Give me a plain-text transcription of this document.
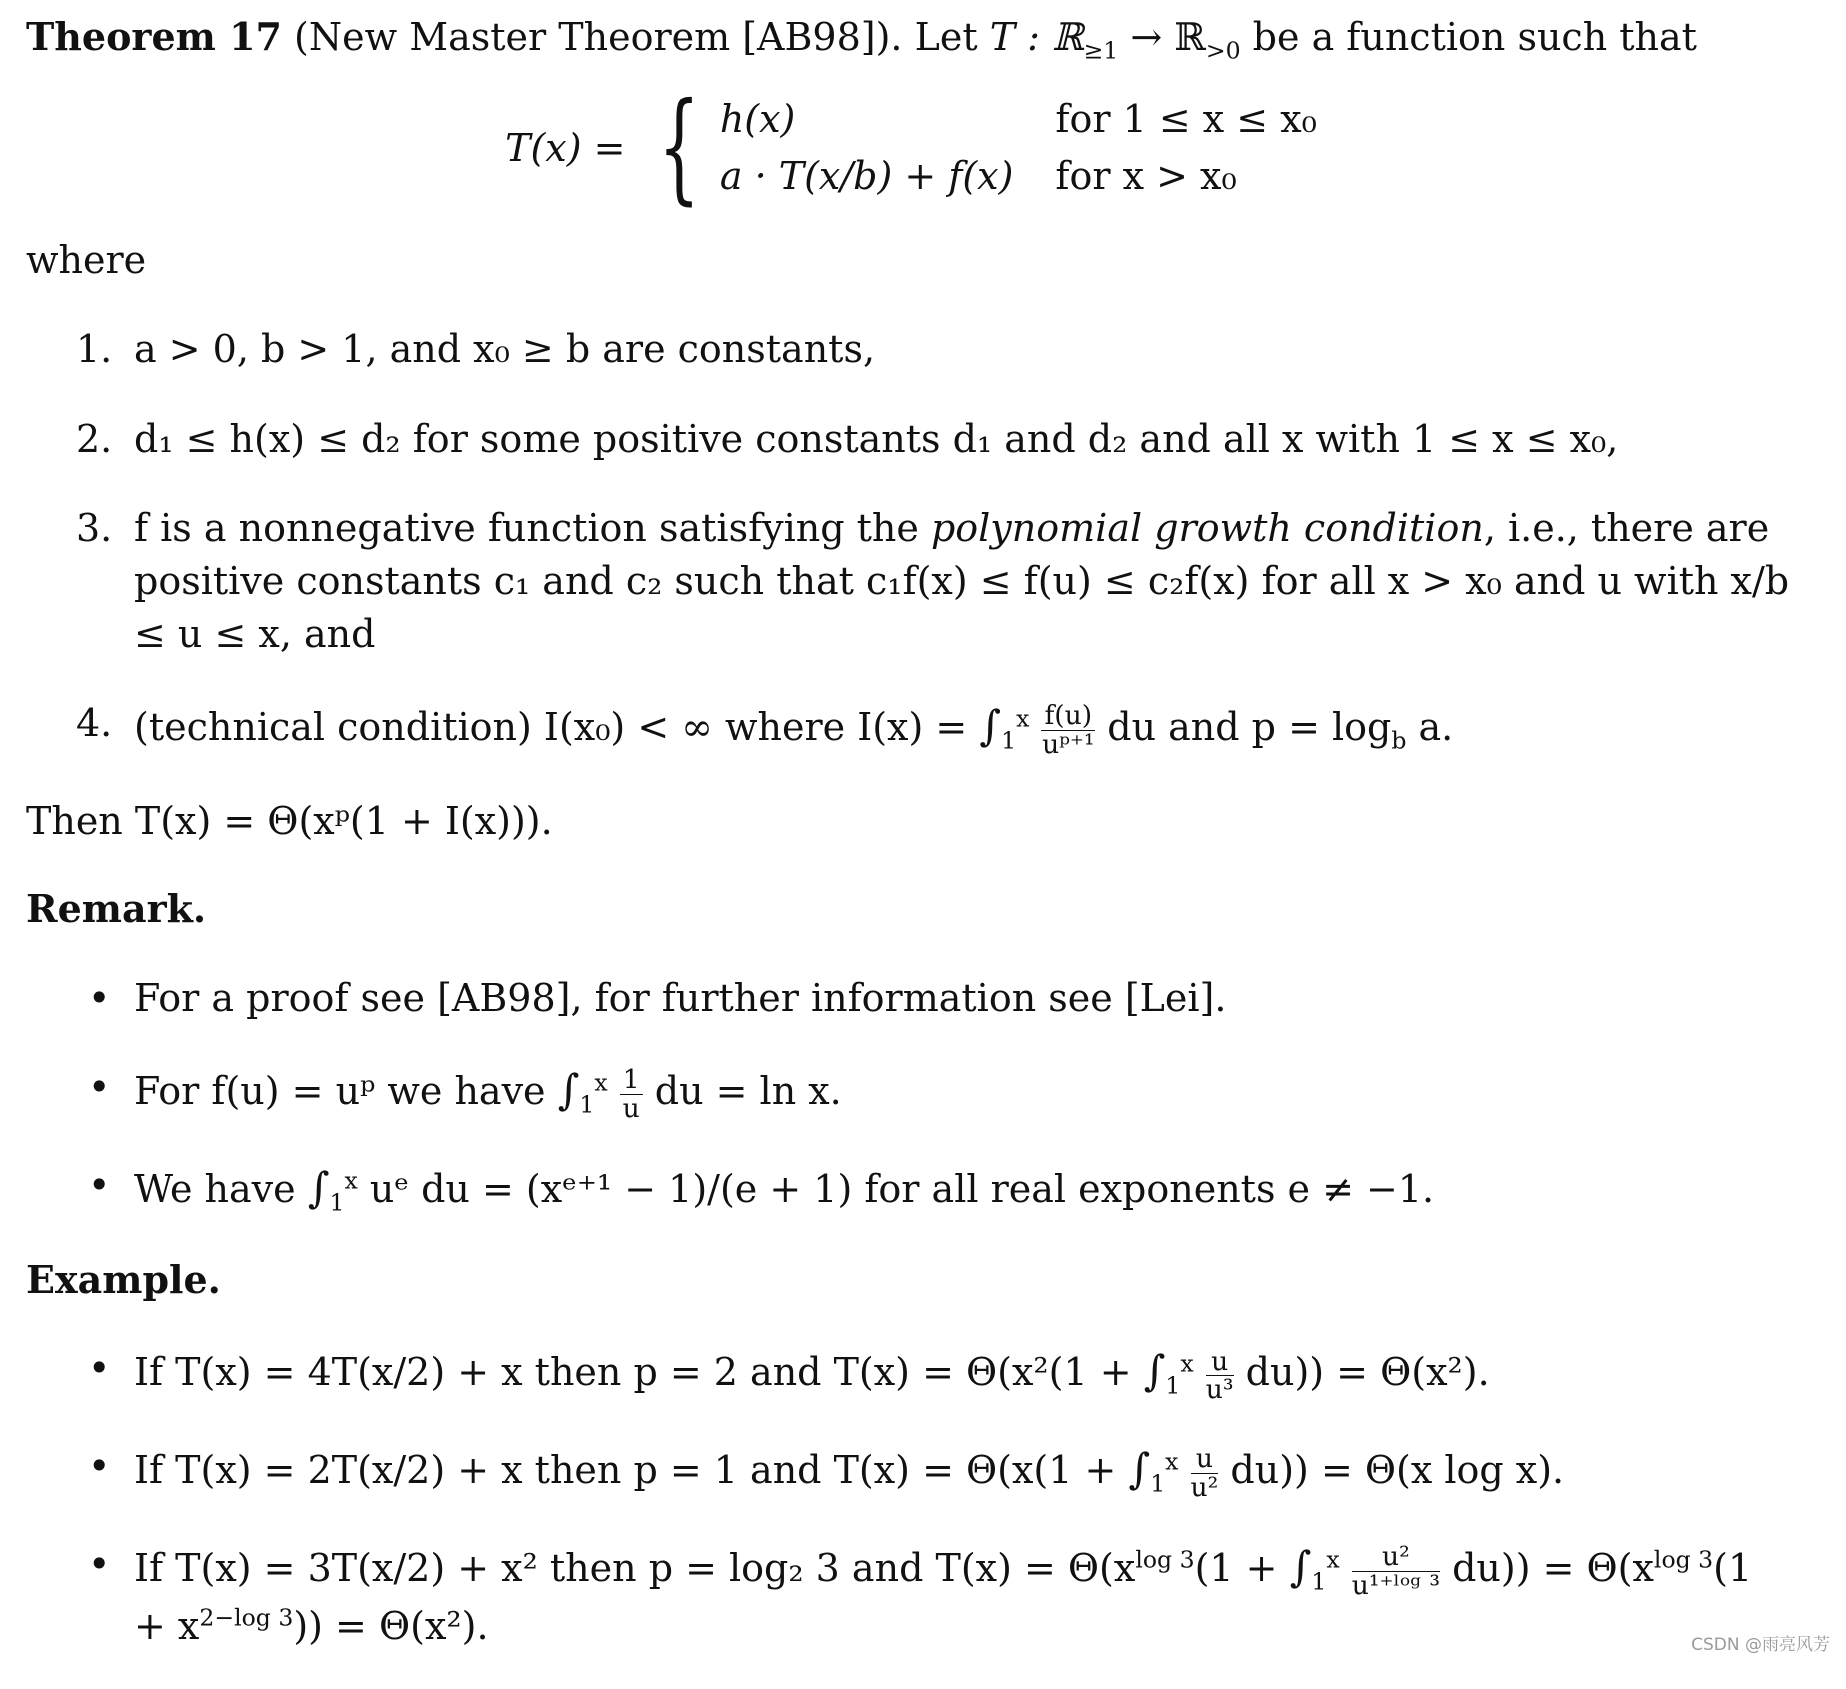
Theorem 17 (New Master Theorem [AB98]). Let T : ℝ$_{\ge 1}$ → ℝ$_{>0}$ be a function such that

T(x) = { h(x)	for 1 ≤ x ≤ x₀
a · T(x/b) + f(x) for x > x₀

where

1. a > 0, b > 1, and x₀ ≥ b are constants,
2. d₁ ≤ h(x) ≤ d₂ for some positive constants d₁ and d₂ and all x with 1 ≤ x ≤ x₀,
3. f is a nonnegative function satisfying the polynomial growth condition, i.e., there are positive constants c₁ and c₂ such that c₁f(x) ≤ f(u) ≤ c₂f(x) for all x > x₀ and u with x/b ≤ u ≤ x, and
4. (technical condition) I(x₀) < ∞ where $I(x) = \int_1^x \frac{f(u)}{\text{uᵖ⁺¹}}$ du and $p = \log_b a$.

Then T(x) = Θ(xᵖ(1 + I(x))).

Remark.

• For a proof see [AB98], for further information see [Lei].
• For f(u) = uᵖ we have $\int_1^x \frac{1}{u}$ du = ln x.
• We have $\int_1^x$ uᵉ du = (xᵉ⁺¹ − 1)/(e + 1) for all real exponents e ≠ −1.

Example.

• If T(x) = 4T(x/2) + x then p = 2 and $T(x) = \Theta(x^2(1 + \int_1^x \frac{u}{\text{u³}} du)) = \Theta(x^2)$.
• If T(x) = 2T(x/2) + x then p = 1 and $T(x) = \Theta(x(1 + \int_1^x \frac{u}{\text{u²}} du)) = \Theta(x$ log x).
• If T(x) = 3T(x/2) + x² then p = log₂ 3 and $T(x) = \Theta(x^{log 3}(1 + \int_1^x \frac{\text{u²}}{\text{u¹⁺ˡᵒᵍ ³}} du)) = \Theta(x^{log 3}(1 + x^{2-log 3})) = \Theta(x^2)$.	CSDN @雨亮风芳
